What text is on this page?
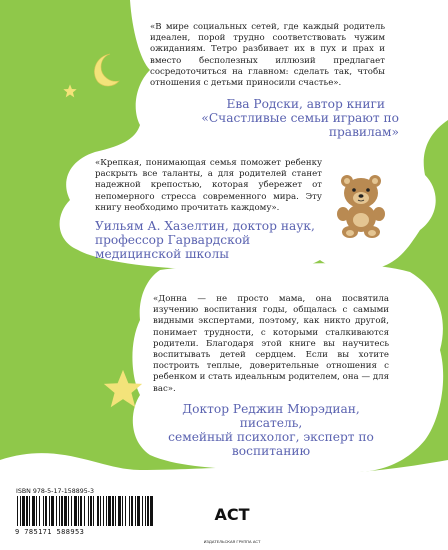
«В мире социальных сетей, где каждый родитель идеален, порой трудно соответствовать чужим ожиданиям. Тетро разбивает их в пух и прах и вместо бесполезных иллюзий предлагает сосредоточиться на главном: сделать так, чтобы отношения с детьми приносили счастье».
Ева Родски, автор книги
«Счастливые семьи играют по правилам»
«Крепкая, понимающая семья поможет ребенку раскрыть все таланты, а для родителей станет надежной крепостью, которая убережет от непомерного стресса современного мира. Эту книгу необходимо прочитать каждому».
Уильям А. Хазелтин, доктор наук,
профессор Гарвардской медицинской школы
«Донна — не просто мама, она посвятила изучению воспитания годы, общалась с самыми видными экспертами, поэтому, как никто другой, понимает трудности, с которыми сталкиваются родители. Благодаря этой книге вы научитесь воспитывать детей сердцем. Если вы хотите построить теплые, доверительные отношения с ребенком и стать идеальным родителем, она — для вас».
Доктор Реджин Мюрэдиан, писатель,
семейный психолог, эксперт по воспитанию
9 785171 588953
ISBN 978-5-17-158895-3
ACT
ИЗДАТЕЛЬСКАЯ ГРУППА АСТ
www.ast.ru www.book24.ru
vk.com/izdatelstvoast
ok.ru/izdatelstvoast
